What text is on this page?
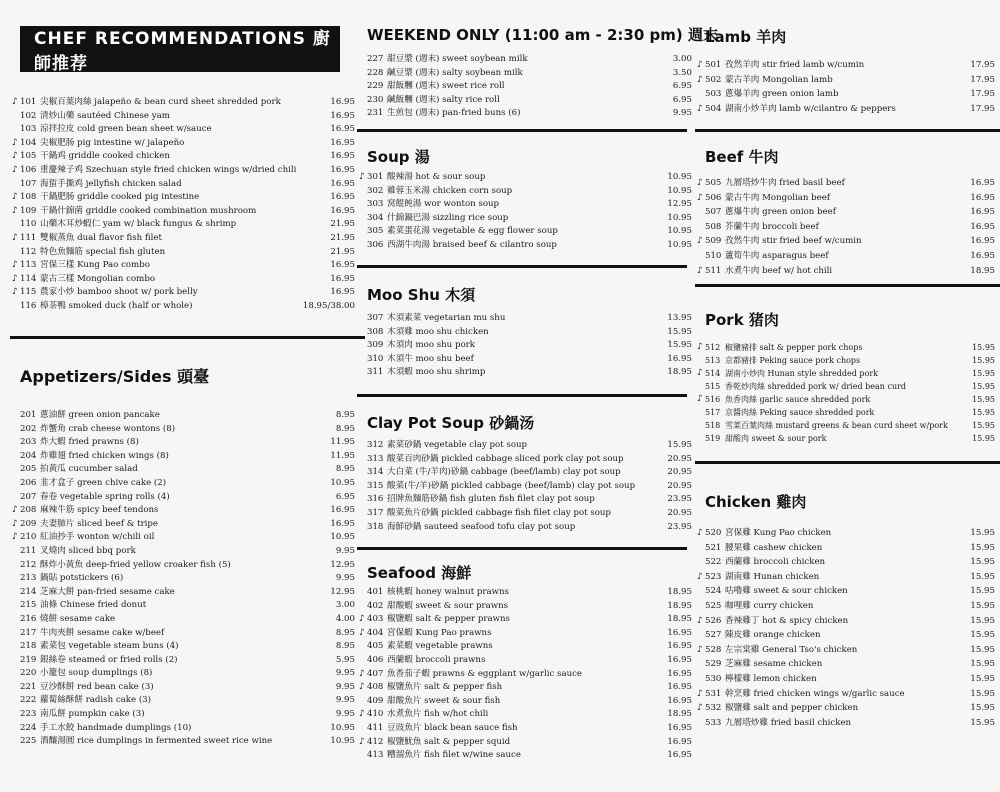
CHEF RECOMMENDATIONS 廚師推荐
♪ 101 尖椒百葉肉絲 jalapeño & bean curd sheet shredded pork	16.95
102 清炒山藥 sautéed Chinese yam	16.95
103 涼拌拉皮 cold green bean sheet w/sauce	16.95
♪ 104 尖椒肥肠 pig intestine w/ jalapeño	16.95
♪ 105 干鍋鸡 griddle cooked chicken	16.95
♪ 106 重慶辣子鸡 Szechuan style fried chicken wings w/dried chili	16.95
107 海蜇手撕鸡 jellyfish chicken salad	16.95
♪ 108 干鍋肥肠 griddle cooked pig intestine	16.95
♪ 109 干鍋什錦菌 griddle cooked combination mushroom	16.95
110 山藥木耳炒蝦仁 yam w/ black fungus & shrimp	21.95
♪ 111 雙椒蒸魚 dual flavor fish filet	21.95
112 特色魚麵筋 special fish gluten	21.95
♪ 113 宮保三樣 Kung Pao combo	16.95
♪ 114 蒙古三樣 Mongolian combo	16.95
♪ 115 農家小炒 bamboo shoot w/ pork belly	16.95
116 樟茶鴨 smoked duck (half or whole)	18.95/38.00
Appetizers/Sides 頭臺
201 蔥油餅 green onion pancake	8.95
202 炸蟹角 crab cheese wontons (8)	8.95
203 炸大蝦 fried prawns (8)	11.95
204 炸雞翅 fried chicken wings (8)	11.95
205 拍黃瓜 cucumber salad	8.95
206 韭才盒子 green chive cake (2)	10.95
207 春卷 vegetable spring rolls (4)	6.95
♪ 208 麻辣牛筋 spicy beef tendons	16.95
♪ 209 夫妻肺片 sliced beef & tripe	16.95
♪ 210 紅油抄手 wonton w/chili oil	10.95
211 叉燒肉 sliced bbq pork	9.95
212 酥炸小黃魚 deep-fried yellow croaker fish (5)	12.95
213 鍋貼 potstickers (6)	9.95
214 芝麻大餅 pan-fried sesame cake	12.95
215 油條 Chinese fried donut	3.00
216 燒餅 sesame cake	4.00
217 牛肉夾餅 sesame cake w/beef	8.95
218 素菜包 vegetable steam buns (4)	8.95
219 銀絲卷 steamed or fried rolls (2)	5.95
220 小籠包 soup dumplings (8)	9.95
221 豆沙酥餅 red bean cake (3)	9.95
222 蘿蔔絲酥餅 radish cake (3)	9.95
223 南瓜餅 pumpkin cake (3)	9.95
224 手工水餃 handmade dumplings (10)	10.95
225 酒釀湯圓 rice dumplings in fermented sweet rice wine	10.95
WEEKEND ONLY (11:00 am - 2:30 pm) 週末
227 甜豆漿 (週末) sweet soybean milk	3.00
228 鹹豆漿 (週末) salty soybean milk	3.50
229 甜飯糰 (週末) sweet rice roll	6.95
230 鹹飯糰 (週末) salty rice roll	6.95
231 生煎包 (週末) pan-fried buns (6)	9.95
Soup 湯
♪ 301 酸辣湯 hot & sour soup	10.95
302 雞蓉玉米湯 chicken corn soup	10.95
303 窝餛飩湯 wor wonton soup	12.95
304 什錦鍋巴湯 sizzling rice soup	10.95
305 素菜蛋花湯 vegetable & egg flower soup	10.95
306 西湖牛肉湯 braised beef & cilantro soup	10.95
Moo Shu 木須
307 木須素菜 vegetarian mu shu	13.95
308 木須雞 moo shu chicken	15.95
309 木須肉 moo shu pork	15.95
310 木須牛 moo shu beef	16.95
311 木須蝦 moo shu shrimp	18.95
Clay Pot Soup 砂鍋汤
312 素菜砂鍋 vegetable clay pot soup	15.95
313 酸菜百肉砂鍋 pickled cabbage sliced pork clay pot soup	20.95
314 大白菜 (牛/羊肉)砂鍋 cabbage (beef/lamb) clay pot soup	20.95
315 酸菜(牛/羊)砂鍋 pickled cabbage (beef/lamb) clay pot soup	20.95
316 招牌魚麵筋砂鍋 fish gluten fish filet clay pot soup	23.95
317 酸菜魚片砂鍋 pickled cabbage fish filet clay pot soup	20.95
318 海鮮砂鍋 sauteed seafood tofu clay pot soup	23.95
Seafood 海鮮
401 核桃蝦 honey walnut prawns	18.95
402 甜酸蝦 sweet & sour prawns	18.95
♪ 403 椒鹽蝦 salt & pepper prawns	18.95
♪ 404 宮保蝦 Kung Pao prawns	16.95
405 素菜蝦 vegetable prawns	16.95
406 西蘭蝦 broccoli prawns	16.95
♪ 407 魚香茄子蝦 prawns & eggplant w/garlic sauce	16.95
♪ 408 椒鹽魚片 salt & pepper fish	16.95
409 甜酸魚片 sweet & sour fish	16.95
♪ 410 水煮魚片 fish w/hot chili	18.95
411 豆豉魚片 black bean sauce fish	16.95
♪ 412 椒鹽魷魚 salt & pepper squid	16.95
413 糟溜魚片 fish filet w/wine sauce	16.95
Lamb 羊肉
♪ 501 孜然羊肉 stir fried lamb w/cumin	17.95
♪ 502 蒙古羊肉 Mongolian lamb	17.95
503 蔥爆羊肉 green onion lamb	17.95
♪ 504 湖南小炒羊肉 lamb w/cilantro & peppers	17.95
Beef 牛肉
♪ 505 九層塔炒牛肉 fried basil beef	16.95
♪ 506 蒙古牛肉 Mongolian beef	16.95
507 蔥爆牛肉 green onion beef	16.95
508 芥蘭牛肉 broccoli beef	16.95
♪ 509 孜然牛肉 stir fried beef w/cumin	16.95
510 蘆筍牛肉 asparagus beef	16.95
♪ 511 水煮牛肉 beef w/ hot chili	18.95
Pork 猪肉
♪ 512 椒鹽豬排 salt & pepper pork chops	15.95
513 京都豬排 Peking sauce pork chops	15.95
♪ 514 湖南小炒肉 Hunan style shredded pork	15.95
515 香乾炒肉絲 shredded pork w/ dried bean curd	15.95
♪ 516 魚香肉絲 garlic sauce shredded pork	15.95
517 京醬肉絲 Peking sauce shredded pork	15.95
518 雪菜百葉肉絲 mustard greens & bean curd sheet w/pork	15.95
519 甜酸肉 sweet & sour pork	15.95
Chicken 雞肉
♪ 520 宮保雞 Kung Pao chicken	15.95
521 腰果雞 cashew chicken	15.95
522 西蘭雞 broccoli chicken	15.95
♪ 523 湖南雞 Hunan chicken	15.95
524 咕嚕雞 sweet & sour chicken	15.95
525 咖哩雞 curry chicken	15.95
♪ 526 香辣雞丁 hot & spicy chicken	15.95
527 陳皮雞 orange chicken	15.95
♪ 528 左宗棠雞 General Tso's chicken	15.95
529 芝麻雞 sesame chicken	15.95
530 檸檬雞 lemon chicken	15.95
♪ 531 幹烹雞 fried chicken wings w/garlic sauce	15.95
♪ 532 椒鹽雞 salt and pepper chicken	15.95
533 九層塔炒雞 fried basil chicken	15.95
